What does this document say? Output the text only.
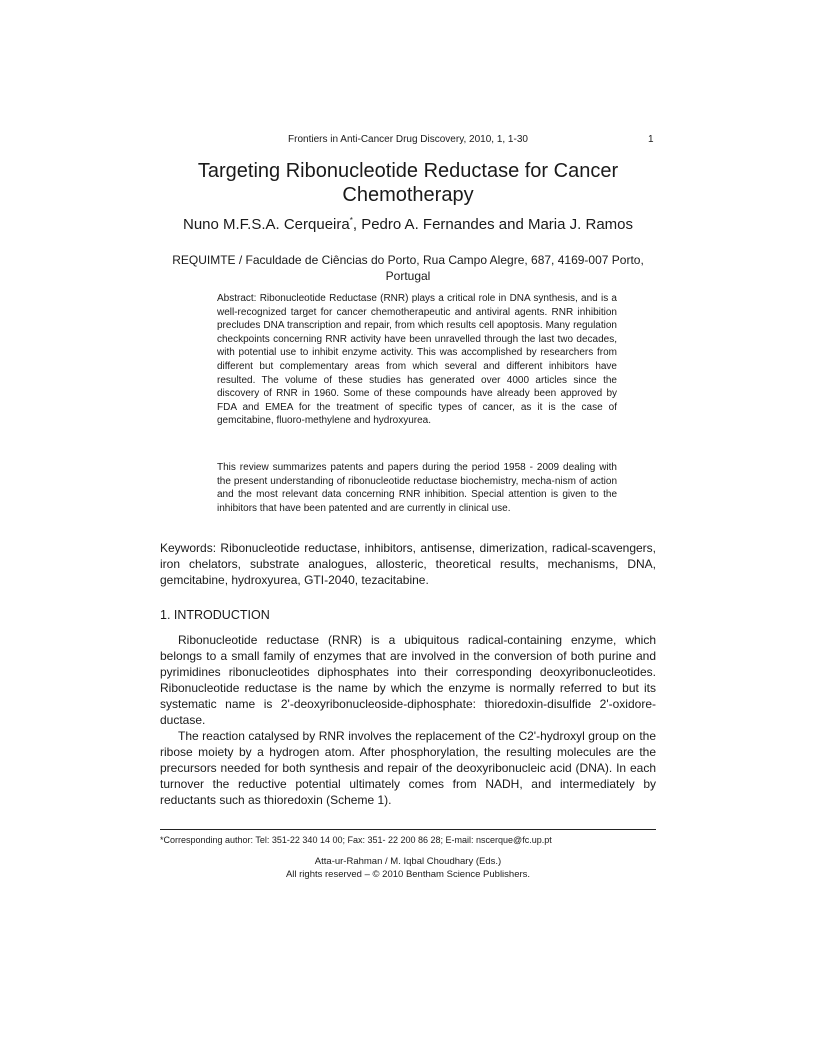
Frontiers in Anti-Cancer Drug Discovery, 2010, 1, 1-30	1
Targeting Ribonucleotide Reductase for Cancer Chemotherapy
Nuno M.F.S.A. Cerqueira*, Pedro A. Fernandes and Maria J. Ramos
REQUIMTE / Faculdade de Ciências do Porto, Rua Campo Alegre, 687, 4169-007 Porto, Portugal
Abstract: Ribonucleotide Reductase (RNR) plays a critical role in DNA synthesis, and is a well-recognized target for cancer chemotherapeutic and antiviral agents. RNR inhibition precludes DNA transcription and repair, from which results cell apoptosis. Many regulation checkpoints concerning RNR activity have been unravelled through the last two decades, with potential use to inhibit enzyme activity. This was accomplished by researchers from different but complementary areas from which several and different inhibitors have resulted. The volume of these studies has generated over 4000 articles since the discovery of RNR in 1960. Some of these compounds have already been approved by FDA and EMEA for the treatment of specific types of cancer, as it is the case of gemcitabine, fluoro-methylene and hydroxyurea.
This review summarizes patents and papers during the period 1958 - 2009 dealing with the present understanding of ribonucleotide reductase biochemistry, mecha-nism of action and the most relevant data concerning RNR inhibition. Special attention is given to the inhibitors that have been patented and are currently in clinical use.
Keywords: Ribonucleotide reductase, inhibitors, antisense, dimerization, radical-scavengers, iron chelators, substrate analogues, allosteric, theoretical results, mechanisms, DNA, gemcitabine, hydroxyurea, GTI-2040, tezacitabine.
1. INTRODUCTION
Ribonucleotide reductase (RNR) is a ubiquitous radical-containing enzyme, which belongs to a small family of enzymes that are involved in the conversion of both purine and pyrimidines ribonucleotides diphosphates into their corresponding deoxyribonucleotides. Ribonucleotide reductase is the name by which the enzyme is normally referred to but its systematic name is 2'-deoxyribonucleoside-diphosphate: thioredoxin-disulfide 2'-oxidore-ductase.
The reaction catalysed by RNR involves the replacement of the C2'-hydroxyl group on the ribose moiety by a hydrogen atom. After phosphorylation, the resulting molecules are the precursors needed for both synthesis and repair of the deoxyribonucleic acid (DNA). In each turnover the reductive potential ultimately comes from NADH, and intermediately by reductants such as thioredoxin (Scheme 1).
*Corresponding author: Tel: 351-22 340 14 00; Fax: 351- 22 200 86 28; E-mail: nscerque@fc.up.pt
Atta-ur-Rahman / M. Iqbal Choudhary (Eds.)
All rights reserved – © 2010 Bentham Science Publishers.
